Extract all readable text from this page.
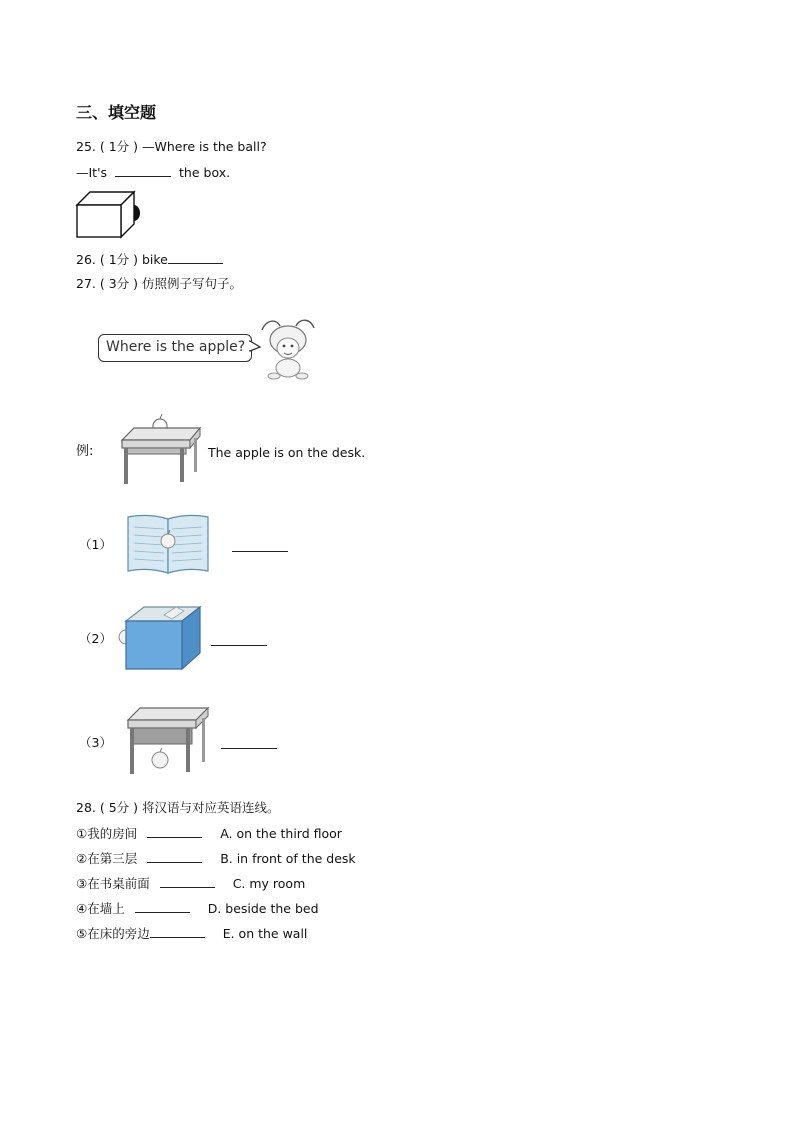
三、填空题
25. ( 1分 ) —Where is the ball?
—It's	the box.
26. ( 1分 ) bike
27. ( 3分 ) 仿照例子写句子。
Where is the apple?
例:	The apple is on the desk.
（1）
（2）
（3）
28. ( 5分 ) 将汉语与对应英语连线。
①我的房间	A. on the third floor
②在第三层	B. in front of the desk
③在书桌前面	C. my room
④在墙上	D. beside the bed
⑤在床的旁边	E. on the wall
